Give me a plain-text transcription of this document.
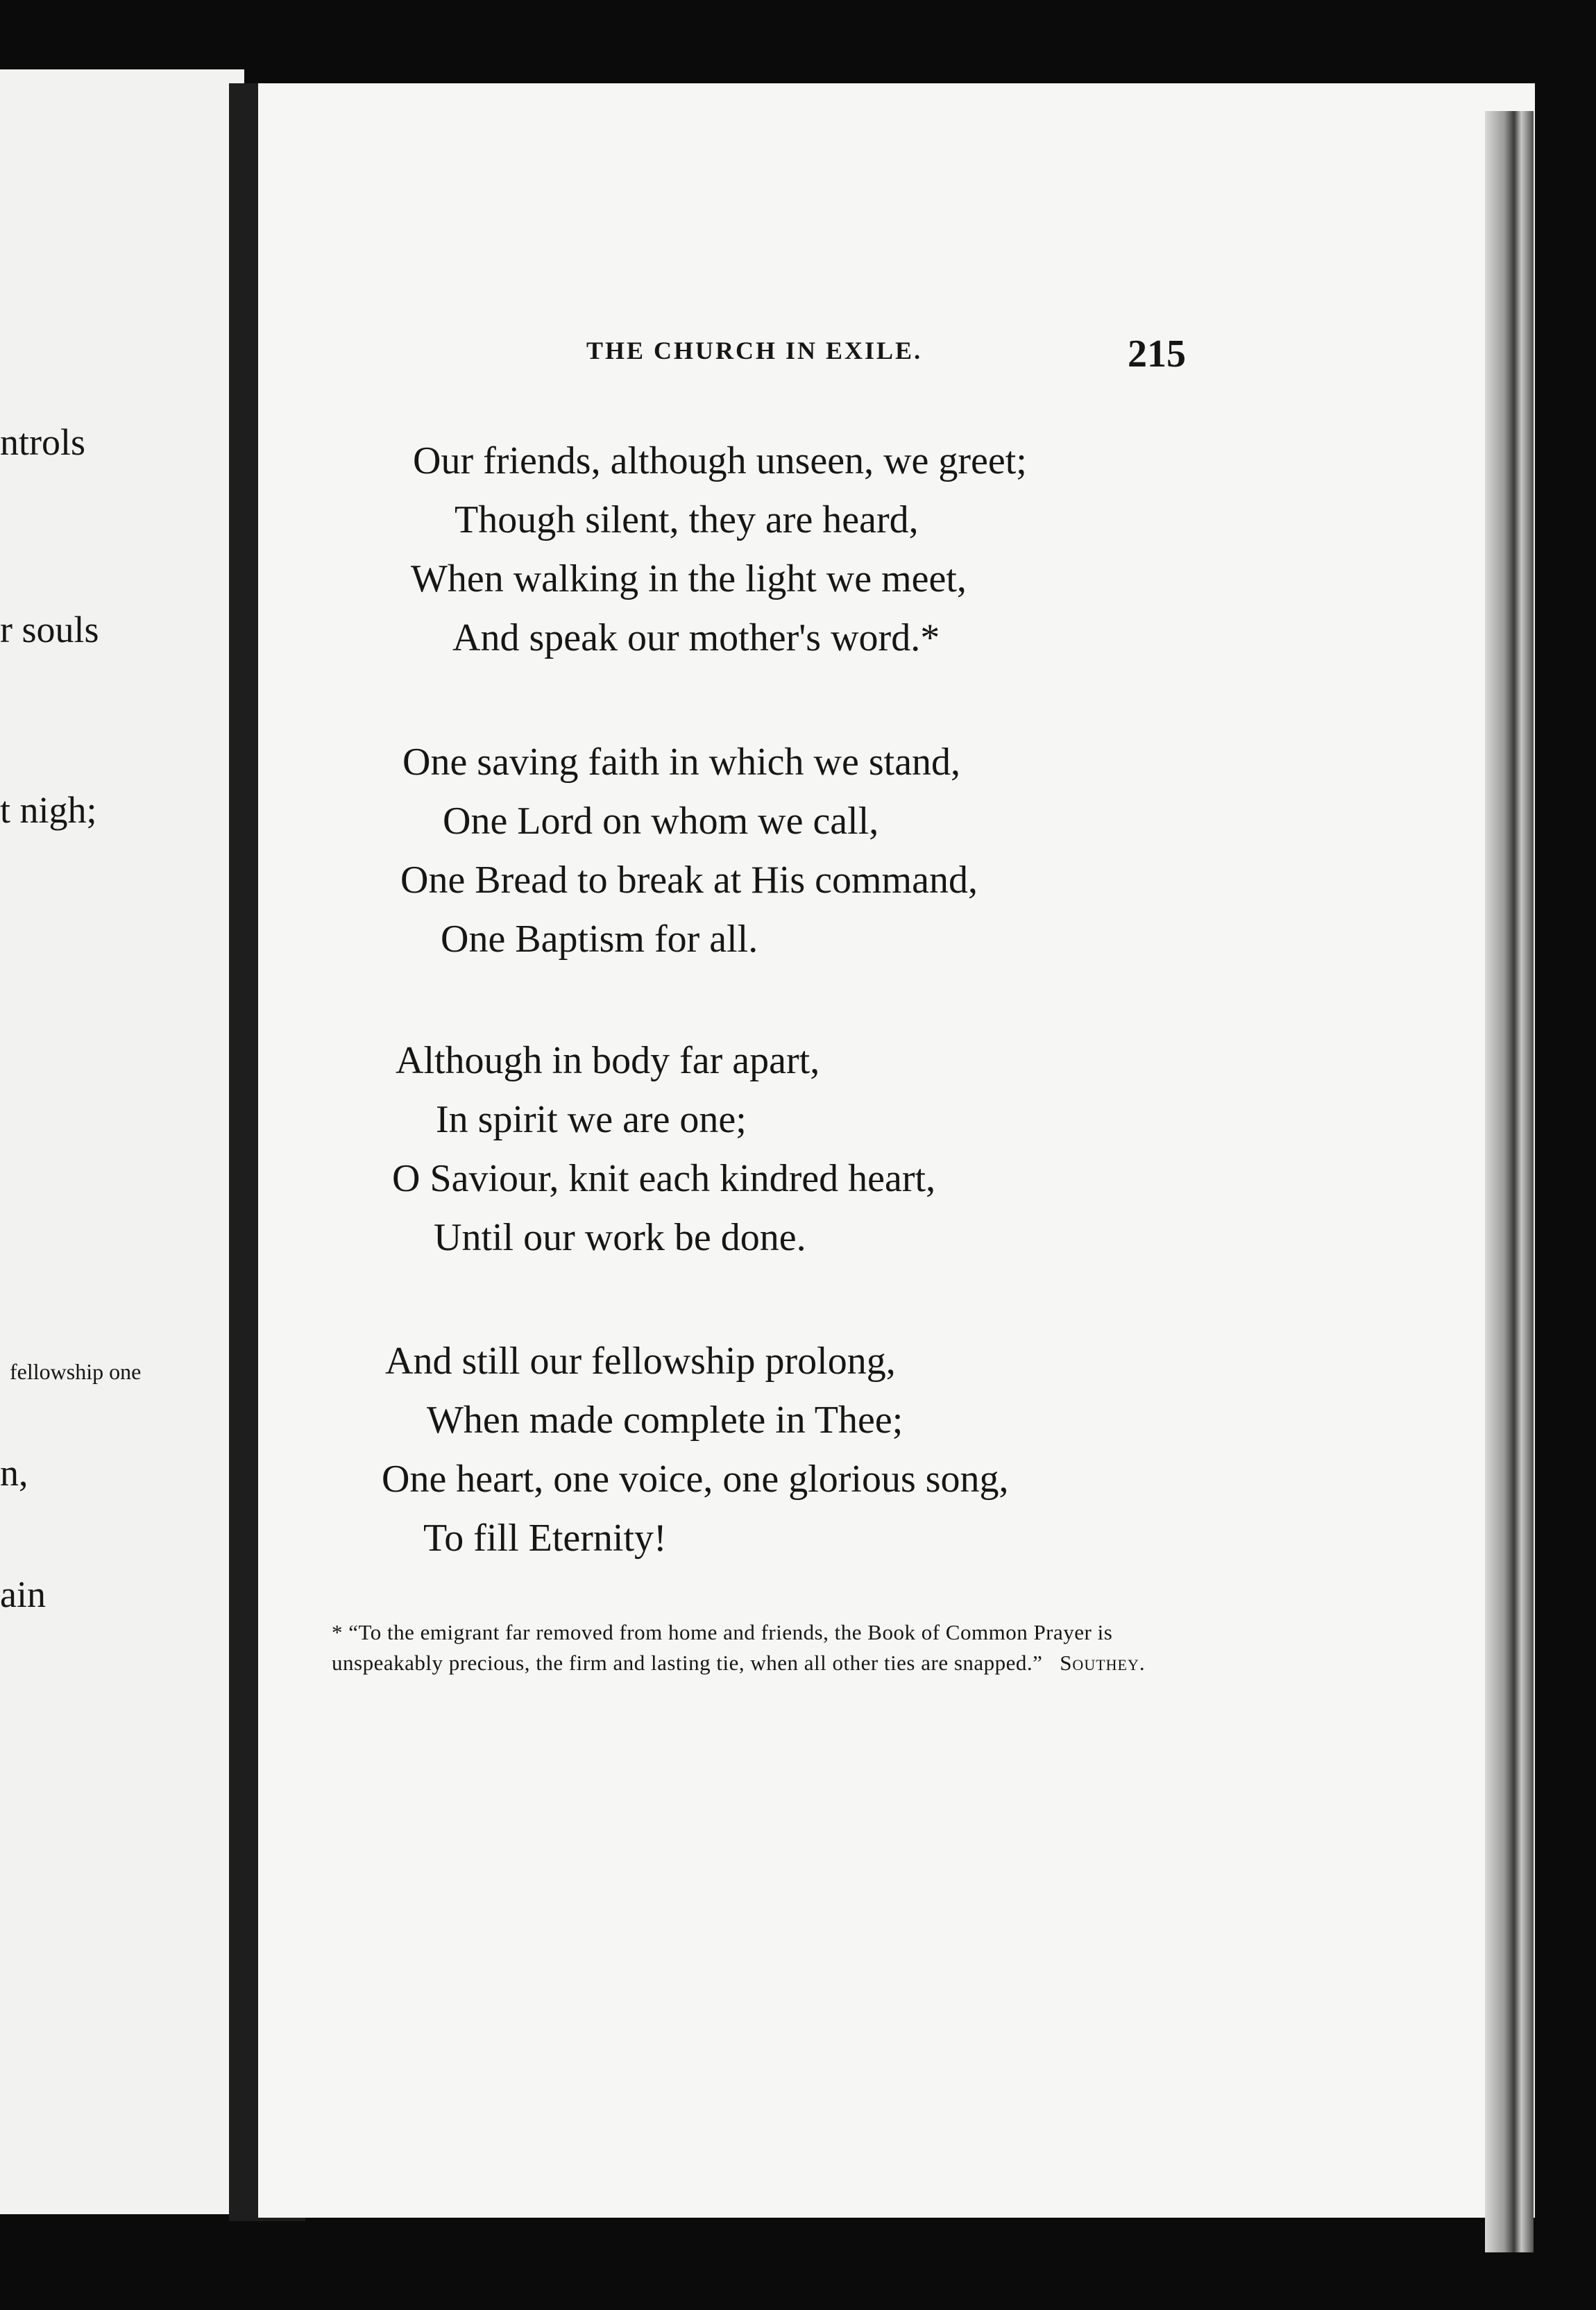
ntrols
r souls
t nigh;
fellowship one
n,
ain
THE CHURCH IN EXILE.	215
Our friends, although unseen, we greet;
Though silent, they are heard,
When walking in the light we meet,
And speak our mother's word.*
One saving faith in which we stand,
One Lord on whom we call,
One Bread to break at His command,
One Baptism for all.
Although in body far apart,
In spirit we are one;
O Saviour, knit each kindred heart,
Until our work be done.
And still our fellowship prolong,
When made complete in Thee;
One heart, one voice, one glorious song,
To fill Eternity!
* “To the emigrant far removed from home and friends, the Book of Common Prayer is unspeakably precious, the firm and lasting tie, when all other ties are snapped.” Southey.
